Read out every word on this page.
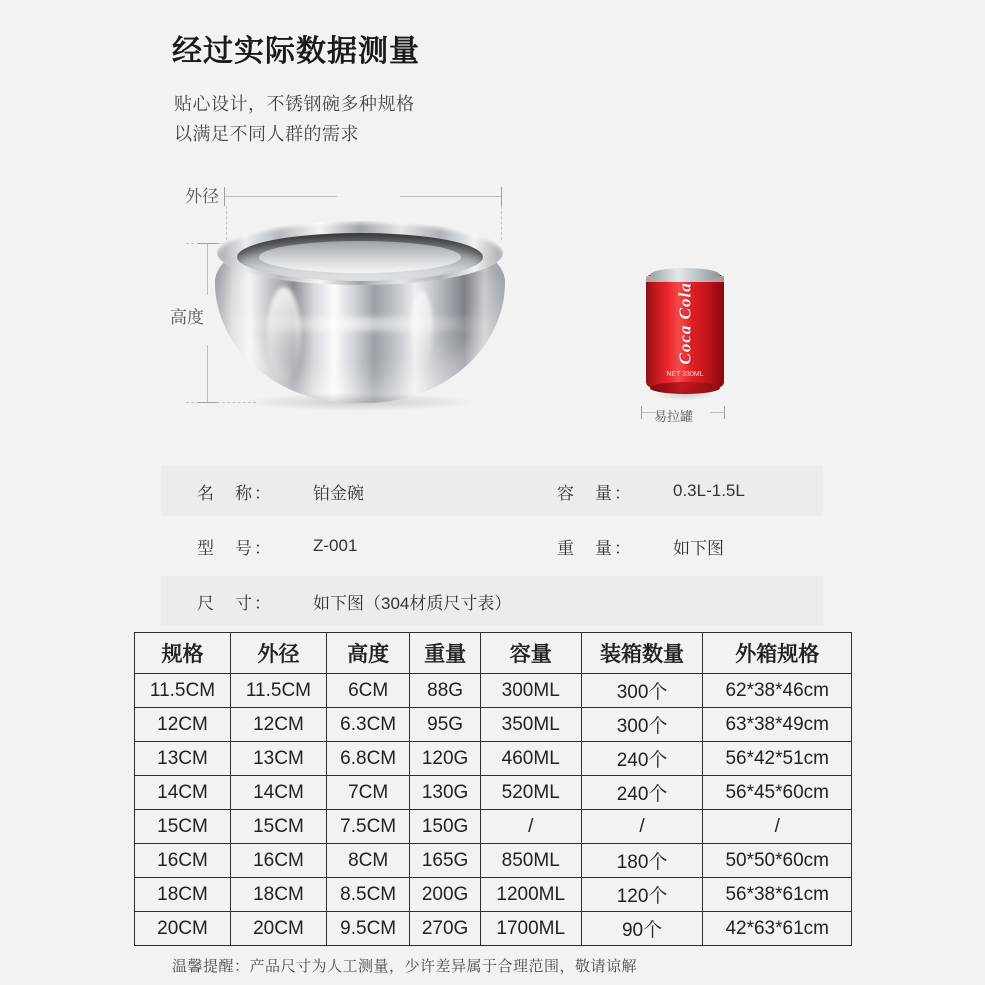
经过实际数据测量
贴心设计，不锈钢碗多种规格
以满足不同人群的需求
外径
高度	Coca Cola
NET 330ML
易拉罐
名　称：	铂金碗	容　量：	0.3L-1.5L
型　号：	Z-001	重　量：	如下图
尺　寸：	如下图（304材质尺寸表）
规格	外径	高度	重量	容量	装箱数量	外箱规格
11.5CM	11.5CM	6CM	88G	300ML	300个	62*38*46cm
12CM	12CM	6.3CM	95G	350ML	300个	63*38*49cm
13CM	13CM	6.8CM	120G	460ML	240个	56*42*51cm
14CM	14CM	7CM	130G	520ML	240个	56*45*60cm
15CM	15CM	7.5CM	150G	/	/	/
16CM	16CM	8CM	165G	850ML	180个	50*50*60cm
18CM	18CM	8.5CM	200G	1200ML	120个	56*38*61cm
20CM	20CM	9.5CM	270G	1700ML	90个	42*63*61cm
温馨提醒：产品尺寸为人工测量，少许差异属于合理范围，敬请谅解
